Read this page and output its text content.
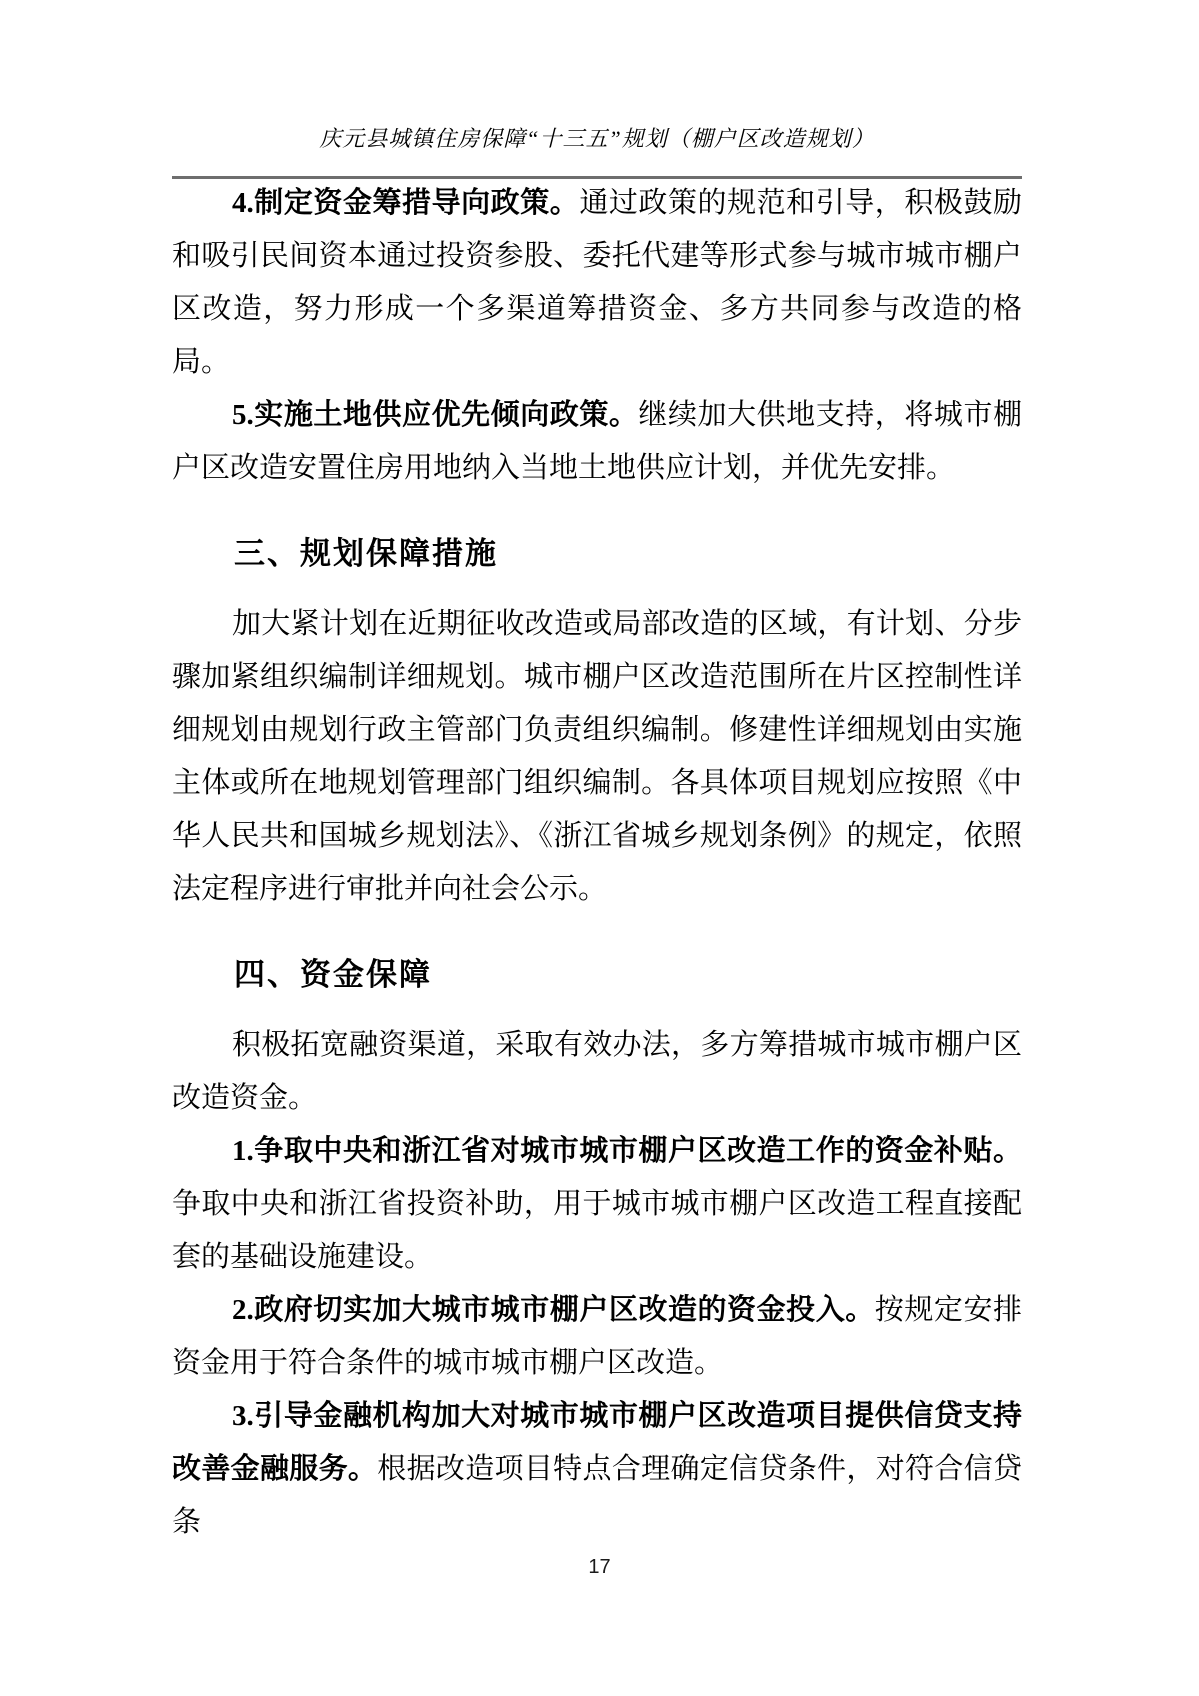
庆元县城镇住房保障“十三五”规划（棚户区改造规划）

4.制定资金筹措导向政策。通过政策的规范和引导，积极鼓励和吸引民间资本通过投资参股、委托代建等形式参与城市城市棚户区改造，努力形成一个多渠道筹措资金、多方共同参与改造的格局。

5.实施土地供应优先倾向政策。继续加大供地支持，将城市棚户区改造安置住房用地纳入当地土地供应计划，并优先安排。

三、规划保障措施

加大紧计划在近期征收改造或局部改造的区域，有计划、分步骤加紧组织编制详细规划。城市棚户区改造范围所在片区控制性详细规划由规划行政主管部门负责组织编制。修建性详细规划由实施主体或所在地规划管理部门组织编制。各具体项目规划应按照《中华人民共和国城乡规划法》、《浙江省城乡规划条例》的规定，依照法定程序进行审批并向社会公示。

四、资金保障

积极拓宽融资渠道，采取有效办法，多方筹措城市城市棚户区改造资金。

1.争取中央和浙江省对城市城市棚户区改造工作的资金补贴。争取中央和浙江省投资补助，用于城市城市棚户区改造工程直接配套的基础设施建设。

2.政府切实加大城市城市棚户区改造的资金投入。按规定安排资金用于符合条件的城市城市棚户区改造。

3.引导金融机构加大对城市城市棚户区改造项目提供信贷支持改善金融服务。根据改造项目特点合理确定信贷条件，对符合信贷条

17
